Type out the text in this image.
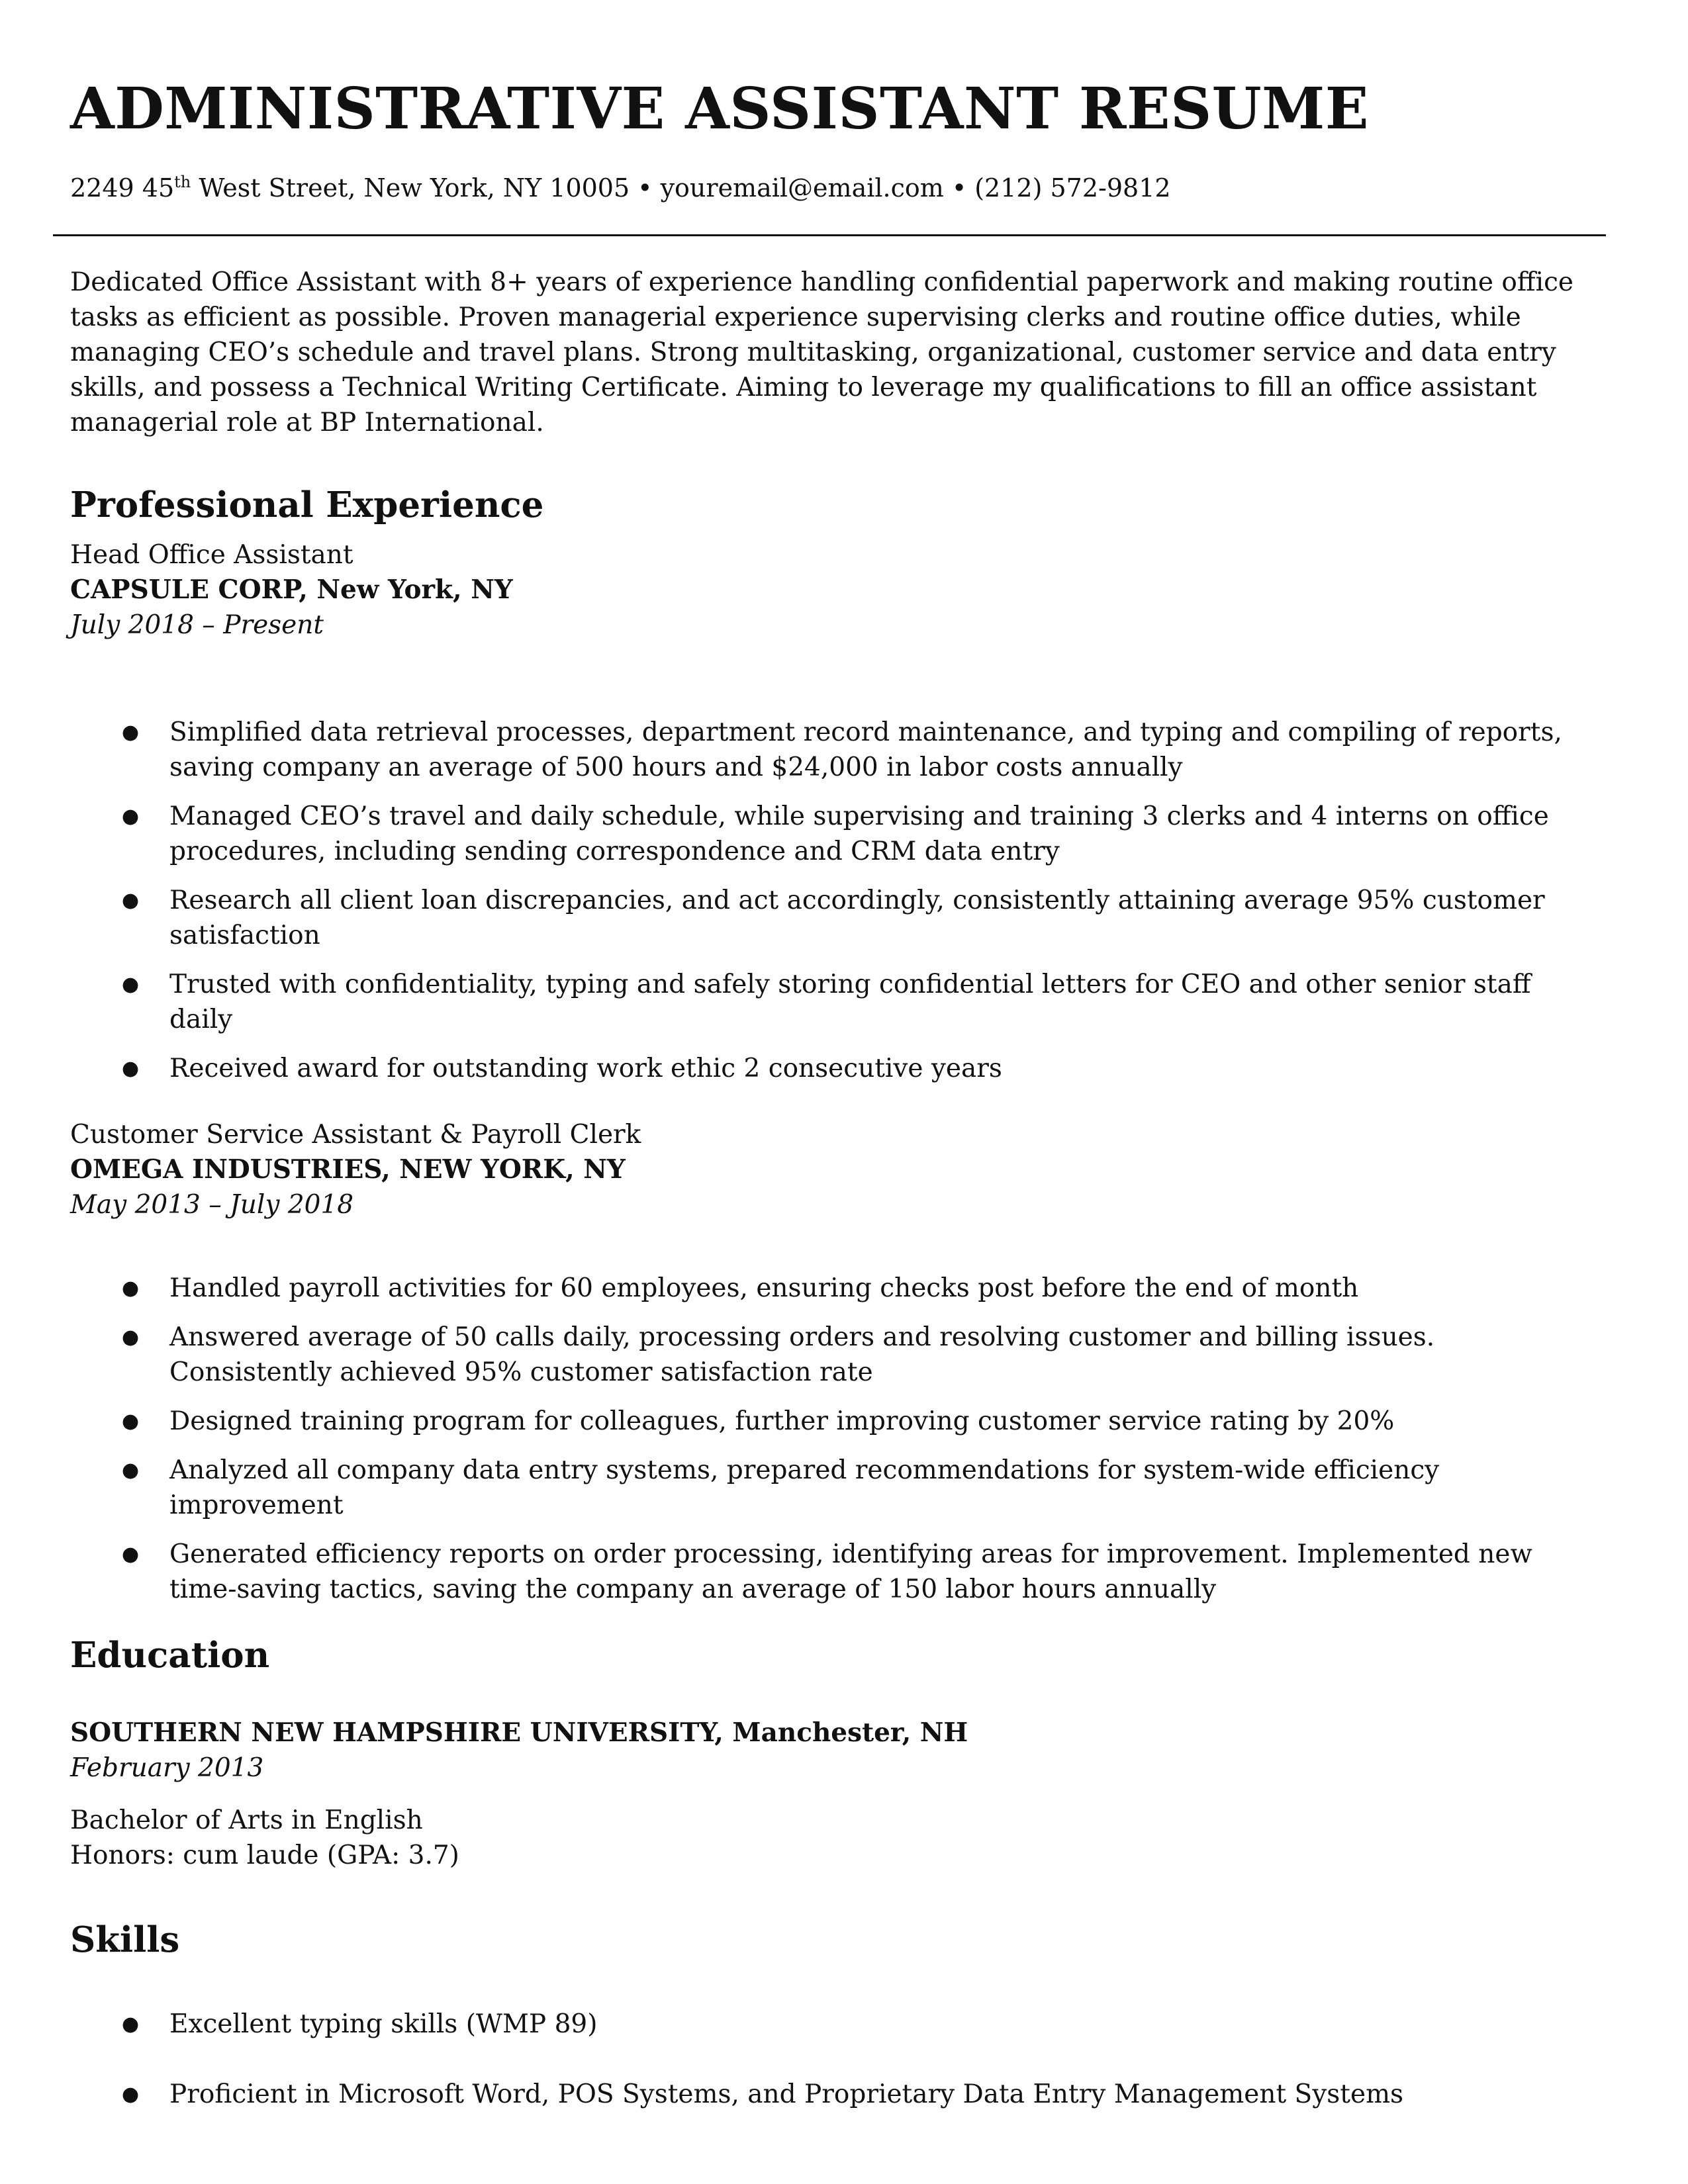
ADMINISTRATIVE ASSISTANT RESUME
2249 45th West Street, New York, NY 10005 • youremail@email.com • (212) 572-9812

Dedicated Office Assistant with 8+ years of experience handling confidential paperwork and making routine office tasks as efficient as possible. Proven managerial experience supervising clerks and routine office duties, while managing CEO’s schedule and travel plans. Strong multitasking, organizational, customer service and data entry skills, and possess a Technical Writing Certificate. Aiming to leverage my qualifications to fill an office assistant managerial role at BP International.

Professional Experience
Head Office Assistant
CAPSULE CORP, New York, NY
July 2018 – Present
● Simplified data retrieval processes, department record maintenance, and typing and compiling of reports, saving company an average of 500 hours and $24,000 in labor costs annually
● Managed CEO’s travel and daily schedule, while supervising and training 3 clerks and 4 interns on office procedures, including sending correspondence and CRM data entry
● Research all client loan discrepancies, and act accordingly, consistently attaining average 95% customer satisfaction
● Trusted with confidentiality, typing and safely storing confidential letters for CEO and other senior staff daily
● Received award for outstanding work ethic 2 consecutive years
Customer Service Assistant & Payroll Clerk
OMEGA INDUSTRIES, NEW YORK, NY
May 2013 – July 2018
● Handled payroll activities for 60 employees, ensuring checks post before the end of month
● Answered average of 50 calls daily, processing orders and resolving customer and billing issues. Consistently achieved 95% customer satisfaction rate
● Designed training program for colleagues, further improving customer service rating by 20%
● Analyzed all company data entry systems, prepared recommendations for system-wide efficiency improvement
● Generated efficiency reports on order processing, identifying areas for improvement. Implemented new time-saving tactics, saving the company an average of 150 labor hours annually
Education
SOUTHERN NEW HAMPSHIRE UNIVERSITY, Manchester, NH
February 2013
Bachelor of Arts in English
Honors: cum laude (GPA: 3.7)
Skills
● Excellent typing skills (WMP 89)
● Proficient in Microsoft Word, POS Systems, and Proprietary Data Entry Management Systems
